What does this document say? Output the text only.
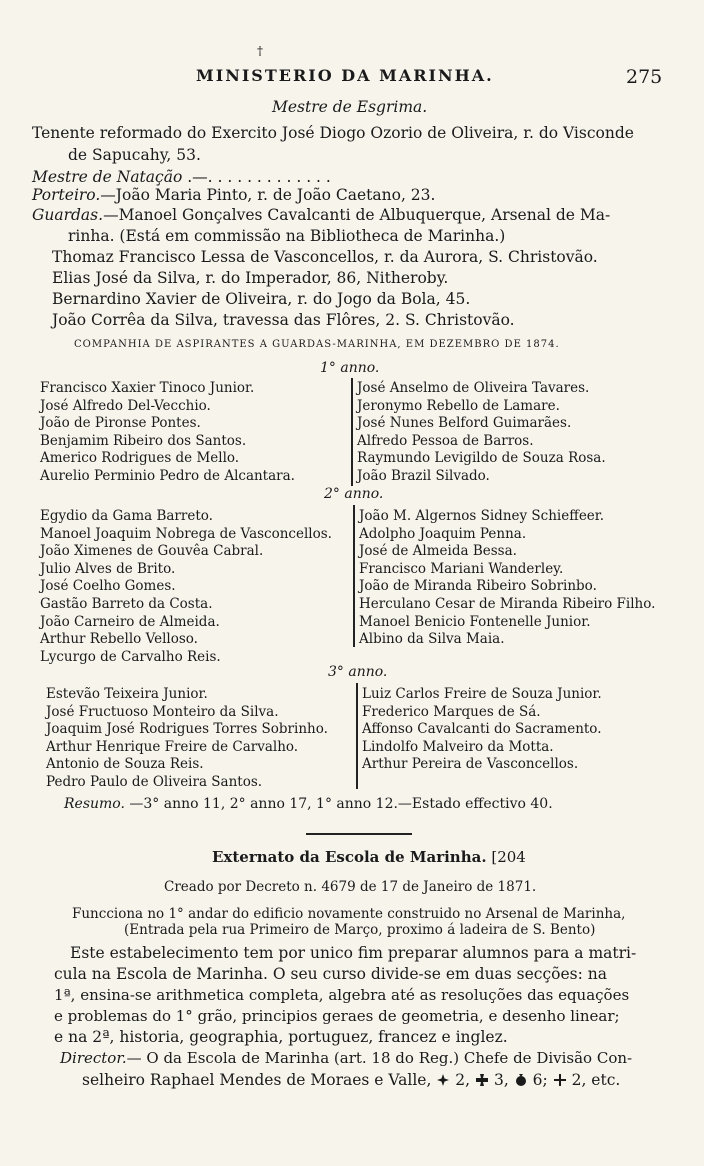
†
MINISTERIO DA MARINHA.	275
Mestre de Esgrima.
Tenente reformado do Exercito José Diogo Ozorio de Oliveira, r. do Visconde
de Sapucahy, 53.
Mestre de Natação .—. . . . . . . . . . . . .
Porteiro.—João Maria Pinto, r. de João Caetano, 23.
Guardas.—Manoel Gonçalves Cavalcanti de Albuquerque, Arsenal de Ma-
rinha. (Está em commissão na Bibliotheca de Marinha.)
Thomaz Francisco Lessa de Vasconcellos, r. da Aurora, S. Christovão.
Elias José da Silva, r. do Imperador, 86, Nitheroby.
Bernardino Xavier de Oliveira, r. do Jogo da Bola, 45.
João Corrêa da Silva, travessa das Flôres, 2. S. Christovão.
COMPANHIA DE ASPIRANTES A GUARDAS-MARINHA, EM DEZEMBRO DE 1874.
1° anno.
Francisco Xaxier Tinoco Junior.
José Alfredo Del-Vecchio.
João de Pironse Pontes.
Benjamim Ribeiro dos Santos.
Americo Rodrigues de Mello.
Aurelio Perminio Pedro de Alcantara.
José Anselmo de Oliveira Tavares.
Jeronymo Rebello de Lamare.
José Nunes Belford Guimarães.
Alfredo Pessoa de Barros.
Raymundo Levigildo de Souza Rosa.
João Brazil Silvado.
2° anno.
Egydio da Gama Barreto.
Manoel Joaquim Nobrega de Vasconcellos.
João Ximenes de Gouvêa Cabral.
Julio Alves de Brito.
José Coelho Gomes.
Gastão Barreto da Costa.
João Carneiro de Almeida.
Arthur Rebello Velloso.
Lycurgo de Carvalho Reis.
João M. Algernos Sidney Schieffeer.
Adolpho Joaquim Penna.
José de Almeida Bessa.
Francisco Mariani Wanderley.
João de Miranda Ribeiro Sobrinbo.
Herculano Cesar de Miranda Ribeiro Filho.
Manoel Benicio Fontenelle Junior.
Albino da Silva Maia.
3° anno.
Estevão Teixeira Junior.
José Fructuoso Monteiro da Silva.
Joaquim José Rodrigues Torres Sobrinho.
Arthur Henrique Freire de Carvalho.
Antonio de Souza Reis.
Pedro Paulo de Oliveira Santos.
Luiz Carlos Freire de Souza Junior.
Frederico Marques de Sá.
Affonso Cavalcanti do Sacramento.
Lindolfo Malveiro da Motta.
Arthur Pereira de Vasconcellos.
Resumo. —3° anno 11, 2° anno 17, 1° anno 12.—Estado effectivo 40.
Externato da Escola de Marinha. [204
Creado por Decreto n. 4679 de 17 de Janeiro de 1871.
Funcciona no 1° andar do edificio novamente construido no Arsenal de Marinha,
(Entrada pela rua Primeiro de Março, proximo á ladeira de S. Bento)
Este estabelecimento tem por unico fim preparar alumnos para a matri-
cula na Escola de Marinha. O seu curso divide-se em duas secções: na
1ª, ensina-se arithmetica completa, algebra até as resoluções das equações
e problemas do 1° grão, principios geraes de geometria, e desenho linear;
e na 2ª, historia, geographia, portuguez, francez e inglez.
Director.— O da Escola de Marinha (art. 18 do Reg.) Chefe de Divisão Con-
selheiro Raphael Mendes de Moraes e Valle, 2, 3, 6; 2, etc.
